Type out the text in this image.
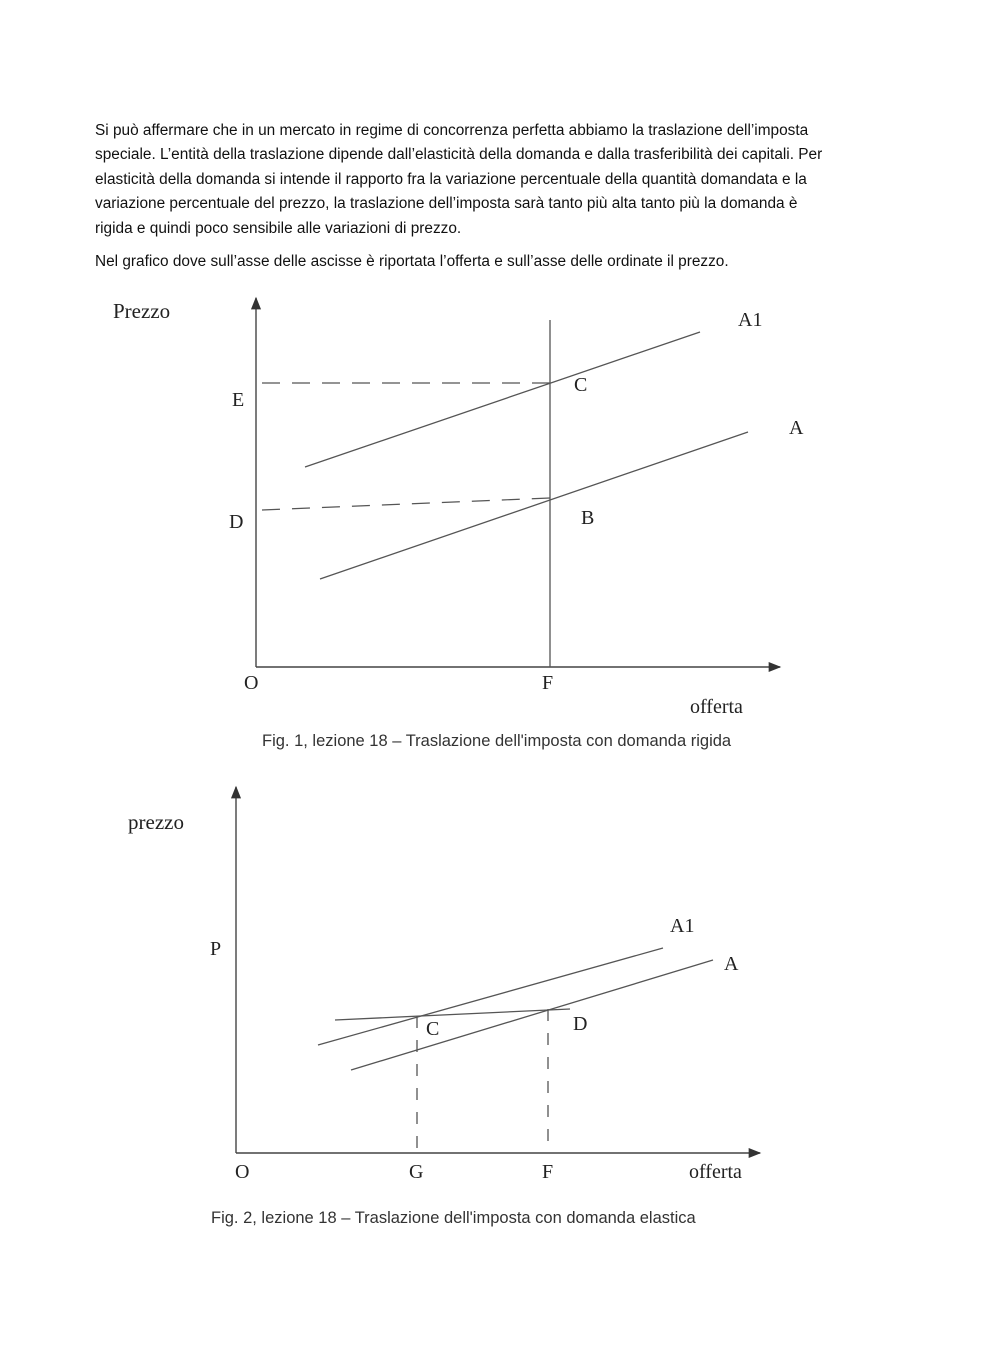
Si può affermare che in un mercato in regime di concorrenza perfetta abbiamo la traslazione dell’imposta
speciale. L’entità della traslazione dipende dall’elasticità della domanda e dalla trasferibilità dei capitali. Per
elasticità della domanda si intende il rapporto fra la variazione percentuale della quantità domandata e la
variazione percentuale del prezzo, la traslazione dell’imposta sarà tanto più alta tanto più la domanda è
rigida e quindi poco sensibile alle variazioni di prezzo.

Nel grafico dove sull’asse delle ascisse è riportata l’offerta e sull’asse delle ordinate il prezzo.

Prezzo
E
D
O	F
offerta
C
B
A1
A
Fig. 1, lezione 18 – Traslazione dell'imposta con domanda rigida
prezzo
P
O	G	F	offerta
C	D
A1
A
Fig. 2, lezione 18 – Traslazione dell'imposta con domanda elastica
